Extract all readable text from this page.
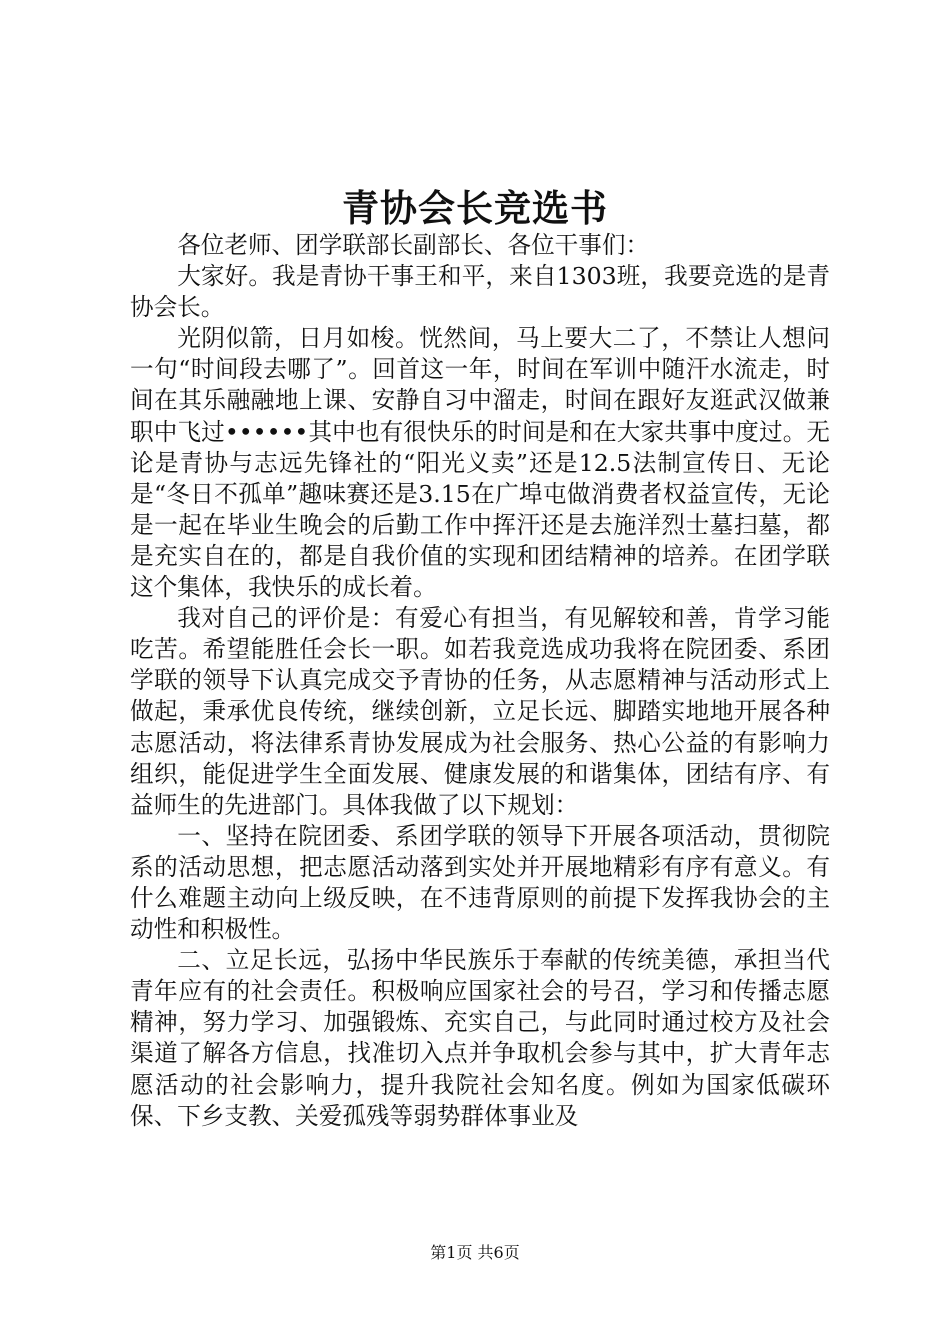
青协会长竞选书

各位老师、团学联部长副部长、各位干事们：

大家好。我是青协干事王和平，来自1303班，我要竞选的是青协会长。

光阴似箭，日月如梭。恍然间，马上要大二了，不禁让人想问一句“时间段去哪了”。回首这一年，时间在军训中随汗水流走，时间在其乐融融地上课、安静自习中溜走，时间在跟好友逛武汉做兼职中飞过••••••其中也有很快乐的时间是和在大家共事中度过。无论是青协与志远先锋社的“阳光义卖”还是12.5法制宣传日、无论是“冬日不孤单”趣味赛还是3.15在广埠屯做消费者权益宣传，无论是一起在毕业生晚会的后勤工作中挥汗还是去施洋烈士墓扫墓，都是充实自在的，都是自我价值的实现和团结精神的培养。在团学联这个集体，我快乐的成长着。

我对自己的评价是：有爱心有担当，有见解较和善，肯学习能吃苦。希望能胜任会长一职。如若我竞选成功我将在院团委、系团学联的领导下认真完成交予青协的任务，从志愿精神与活动形式上做起，秉承优良传统，继续创新，立足长远、脚踏实地地开展各种志愿活动，将法律系青协发展成为社会服务、热心公益的有影响力组织，能促进学生全面发展、健康发展的和谐集体，团结有序、有益师生的先进部门。具体我做了以下规划：

一、坚持在院团委、系团学联的领导下开展各项活动，贯彻院系的活动思想，把志愿活动落到实处并开展地精彩有序有意义。有什么难题主动向上级反映，在不违背原则的前提下发挥我协会的主动性和积极性。

二、立足长远，弘扬中华民族乐于奉献的传统美德，承担当代青年应有的社会责任。积极响应国家社会的号召，学习和传播志愿精神，努力学习、加强锻炼、充实自己，与此同时通过校方及社会渠道了解各方信息，找准切入点并争取机会参与其中，扩大青年志愿活动的社会影响力，提升我院社会知名度。例如为国家低碳环保、下乡支教、关爱孤残等弱势群体事业及

第1页 共6页
